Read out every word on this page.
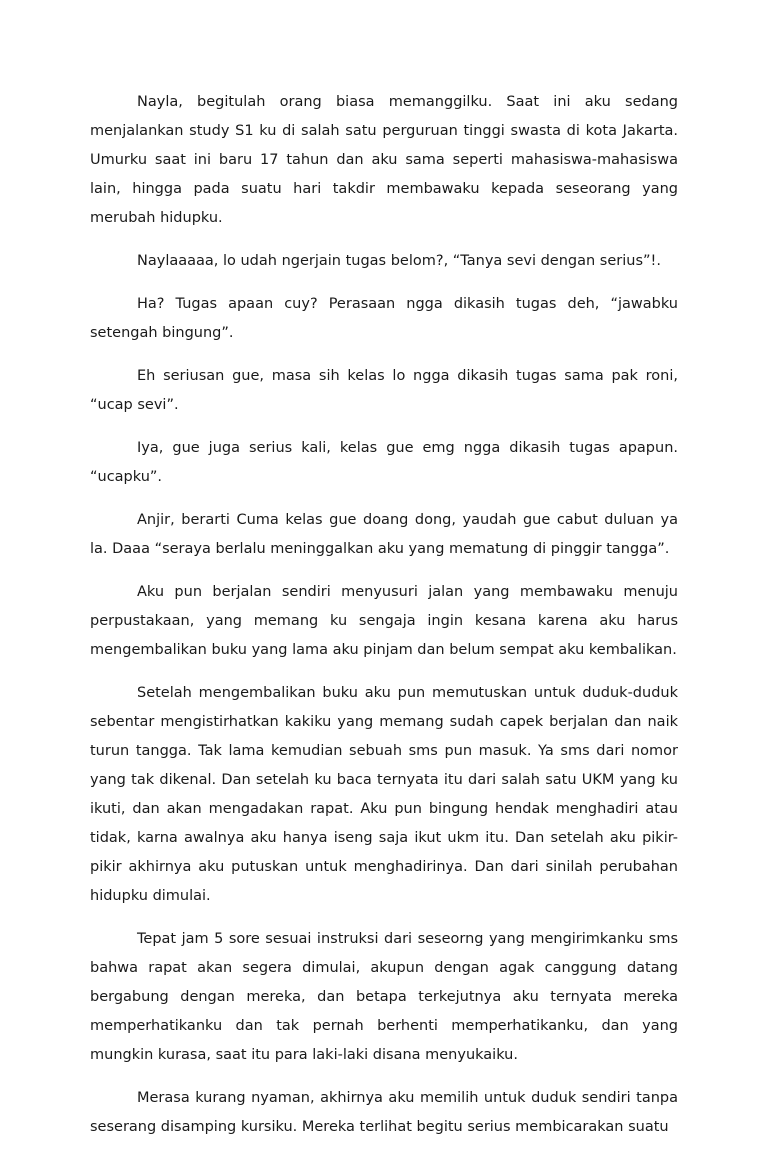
Nayla, begitulah orang biasa memanggilku. Saat ini aku sedang menjalankan study S1 ku di salah satu perguruan tinggi swasta di kota Jakarta. Umurku saat ini baru 17 tahun dan aku sama seperti mahasiswa-mahasiswa lain, hingga pada suatu hari takdir membawaku kepada seseorang yang merubah hidupku.

Naylaaaaa, lo udah ngerjain tugas belom?, “Tanya sevi dengan serius”!.

Ha? Tugas apaan cuy? Perasaan ngga dikasih tugas deh, “jawabku setengah bingung”.

Eh seriusan gue, masa sih kelas lo ngga dikasih tugas sama pak roni, “ucap sevi”.

Iya, gue juga serius kali, kelas gue emg ngga dikasih tugas apapun. “ucapku”.

Anjir, berarti Cuma kelas gue doang dong, yaudah gue cabut duluan ya la. Daaa “seraya berlalu meninggalkan aku yang mematung di pinggir tangga”.

Aku pun berjalan sendiri menyusuri jalan yang membawaku menuju perpustakaan, yang memang ku sengaja ingin kesana karena aku harus mengembalikan buku yang lama aku pinjam dan belum sempat aku kembalikan.

Setelah mengembalikan buku aku pun memutuskan untuk duduk-duduk sebentar mengistirhatkan kakiku yang memang sudah capek berjalan dan naik turun tangga. Tak lama kemudian sebuah sms pun masuk. Ya sms dari nomor yang tak dikenal. Dan setelah ku baca ternyata itu dari salah satu UKM yang ku ikuti, dan akan mengadakan rapat. Aku pun bingung hendak menghadiri atau tidak, karna awalnya aku hanya iseng saja ikut ukm itu. Dan setelah aku pikir-pikir akhirnya aku putuskan untuk menghadirinya. Dan dari sinilah perubahan hidupku dimulai.

Tepat jam 5 sore sesuai instruksi dari seseorng yang mengirimkanku sms bahwa rapat akan segera dimulai, akupun dengan agak canggung datang bergabung dengan mereka, dan betapa terkejutnya aku ternyata mereka memperhatikanku dan tak pernah berhenti memperhatikanku, dan yang mungkin kurasa, saat itu para laki-laki disana menyukaiku.

Merasa kurang nyaman, akhirnya aku memilih untuk duduk sendiri tanpa seserang disamping kursiku. Mereka terlihat begitu serius membicarakan suatu
